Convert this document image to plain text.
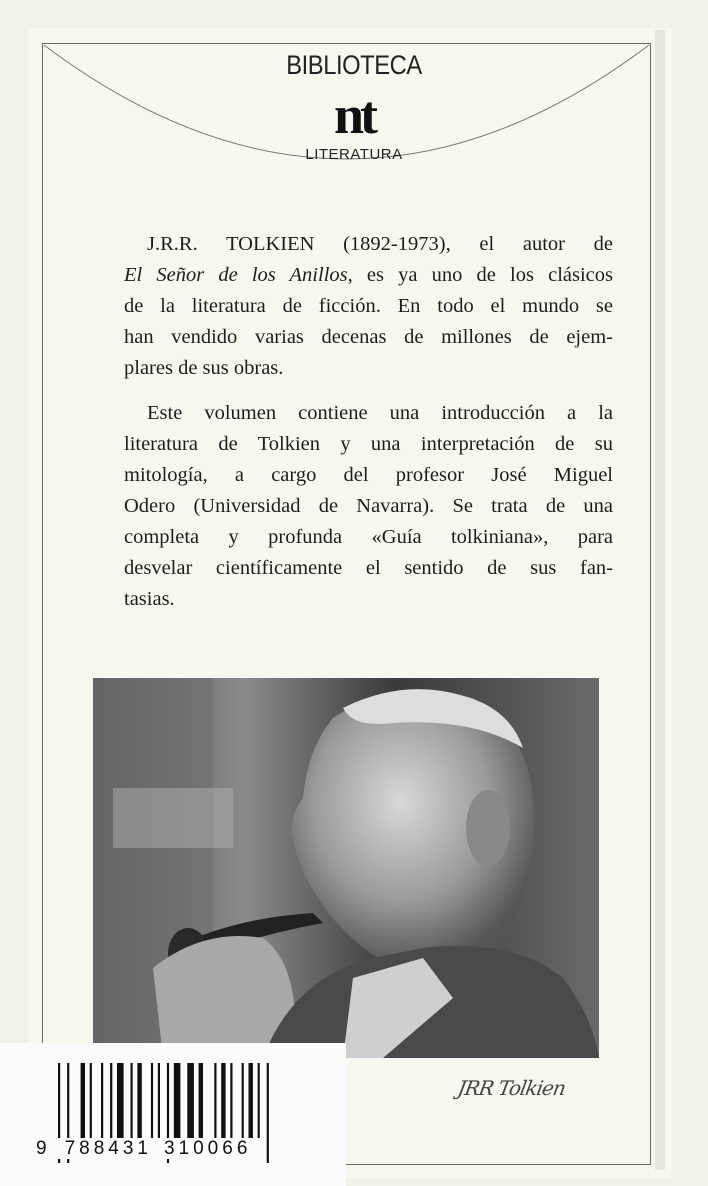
BIBLIOTECA
nt
LITERATURA
J.R.R. TOLKIEN (1892-1973), el autor de
El Señor de los Anillos, es ya uno de los clásicos
de la literatura de ficción. En todo el mundo se
han vendido varias decenas de millones de ejem-
plares de sus obras.
Este volumen contiene una introducción a la
literatura de Tolkien y una interpretación de su
mitología, a cargo del profesor José Miguel
Odero (Universidad de Navarra). Se trata de una
completa y profunda «Guía tolkiniana», para
desvelar científicamente el sentido de sus fan-
tasias.
JRR Tolkien
9 788431 310066
